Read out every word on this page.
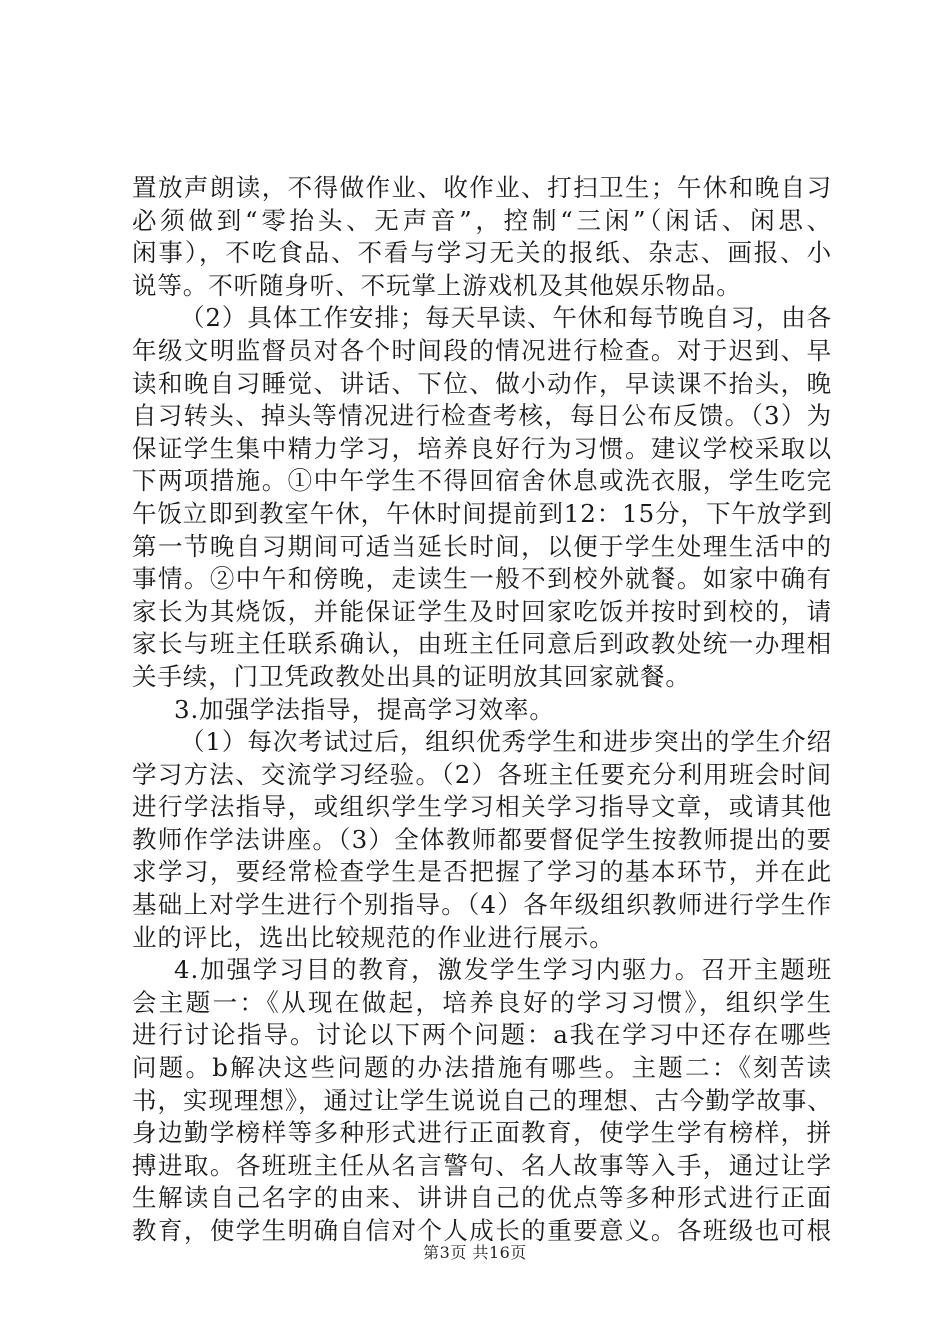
置放声朗读，不得做作业、收作业、打扫卫生；午休和晚自习
必须做到“零抬头、无声音”，控制“三闲”（闲话、闲思、
闲事），不吃食品、不看与学习无关的报纸、杂志、画报、小
说等。不听随身听、不玩掌上游戏机及其他娱乐物品。
（2）具体工作安排；每天早读、午休和每节晚自习，由各
年级文明监督员对各个时间段的情况进行检查。对于迟到、早
读和晚自习睡觉、讲话、下位、做小动作，早读课不抬头，晚
自习转头、掉头等情况进行检查考核，每日公布反馈。（3）为
保证学生集中精力学习，培养良好行为习惯。建议学校采取以
下两项措施。①中午学生不得回宿舍休息或洗衣服，学生吃完
午饭立即到教室午休，午休时间提前到12：15分，下午放学到
第一节晚自习期间可适当延长时间，以便于学生处理生活中的
事情。②中午和傍晚，走读生一般不到校外就餐。如家中确有
家长为其烧饭，并能保证学生及时回家吃饭并按时到校的，请
家长与班主任联系确认，由班主任同意后到政教处统一办理相
关手续，门卫凭政教处出具的证明放其回家就餐。
3.加强学法指导，提高学习效率。
（1）每次考试过后，组织优秀学生和进步突出的学生介绍
学习方法、交流学习经验。（2）各班主任要充分利用班会时间
进行学法指导，或组织学生学习相关学习指导文章，或请其他
教师作学法讲座。（3）全体教师都要督促学生按教师提出的要
求学习，要经常检查学生是否把握了学习的基本环节，并在此
基础上对学生进行个别指导。（4）各年级组织教师进行学生作
业的评比，选出比较规范的作业进行展示。
4.加强学习目的教育，激发学生学习内驱力。召开主题班
会主题一：《从现在做起，培养良好的学习习惯》，组织学生
进行讨论指导。讨论以下两个问题：a我在学习中还存在哪些
问题。b解决这些问题的办法措施有哪些。主题二：《刻苦读
书，实现理想》，通过让学生说说自己的理想、古今勤学故事、
身边勤学榜样等多种形式进行正面教育，使学生学有榜样，拼
搏进取。各班班主任从名言警句、名人故事等入手，通过让学
生解读自己名字的由来、讲讲自己的优点等多种形式进行正面
教育，使学生明确自信对个人成长的重要意义。各班级也可根
第3页 共16页
